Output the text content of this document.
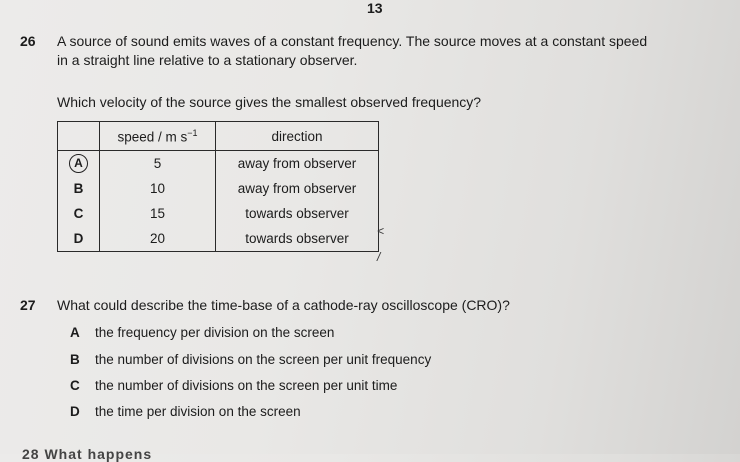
13
26 A source of sound emits waves of a constant frequency. The source moves at a constant speed
in a straight line relative to a stationary observer.
Which velocity of the source gives the smallest observed frequency?
	speed / m $s^{-1}$	direction
A	5	away from observer
B	10	away from observer
C	15	towards observer
D	20	towards observer <
/
27 What could describe the time-base of a cathode-ray oscilloscope (CRO)?
A the frequency per division on the screen
B the number of divisions on the screen per unit frequency
C the number of divisions on the screen per unit time
D the time per division on the screen
28 What happens
